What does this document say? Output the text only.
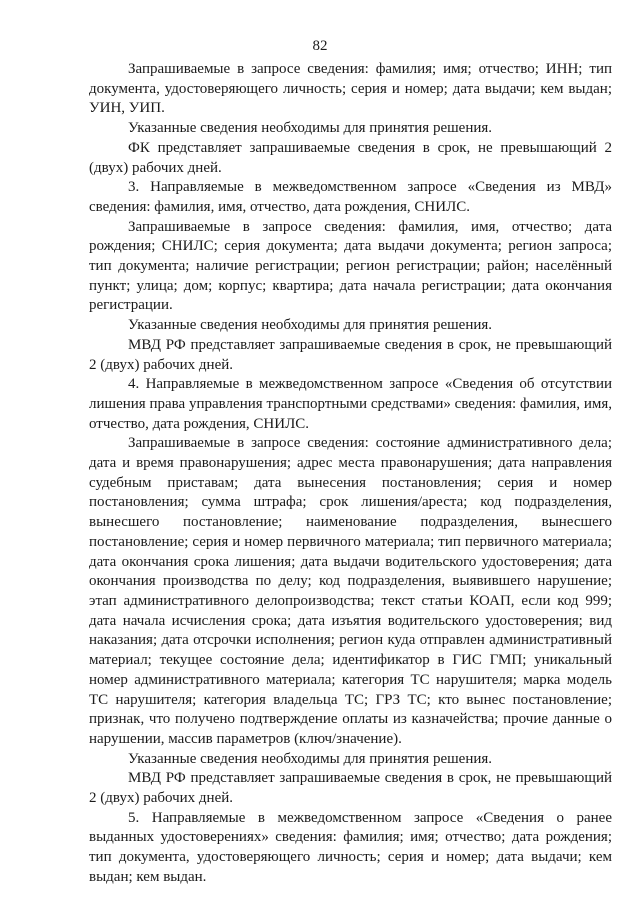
82

Запрашиваемые в запросе сведения: фамилия; имя; отчество; ИНН; тип документа, удостоверяющего личность; серия и номер; дата выдачи; кем выдан; УИН, УИП.

Указанные сведения необходимы для принятия решения.

ФК представляет запрашиваемые сведения в срок, не превышающий 2 (двух) рабочих дней.

3. Направляемые в межведомственном запросе «Сведения из МВД» сведения: фамилия, имя, отчество, дата рождения, СНИЛС.

Запрашиваемые в запросе сведения: фамилия, имя, отчество; дата рождения; СНИЛС; серия документа; дата выдачи документа; регион запроса; тип документа; наличие регистрации; регион регистрации; район; населённый пункт; улица; дом; корпус; квартира; дата начала регистрации; дата окончания регистрации.

Указанные сведения необходимы для принятия решения.

МВД РФ представляет запрашиваемые сведения в срок, не превышающий 2 (двух) рабочих дней.

4. Направляемые в межведомственном запросе «Сведения об отсутствии лишения права управления транспортными средствами» сведения: фамилия, имя, отчество, дата рождения, СНИЛС.

Запрашиваемые в запросе сведения: состояние административного дела; дата и время правонарушения; адрес места правонарушения; дата направления судебным приставам; дата вынесения постановления; серия и номер постановления; сумма штрафа; срок лишения/ареста; код подразделения, вынесшего постановление; наименование подразделения, вынесшего постановление; серия и номер первичного материала; тип первичного материала; дата окончания срока лишения; дата выдачи водительского удостоверения; дата окончания производства по делу; код подразделения, выявившего нарушение; этап административного делопроизводства; текст статьи КОАП, если код 999; дата начала исчисления срока; дата изъятия водительского удостоверения; вид наказания; дата отсрочки исполнения; регион куда отправлен административный материал; текущее состояние дела; идентификатор в ГИС ГМП; уникальный номер административного материала; категория ТС нарушителя; марка модель ТС нарушителя; категория владельца ТС; ГРЗ ТС; кто вынес постановление; признак, что получено подтверждение оплаты из казначейства; прочие данные о нарушении, массив параметров (ключ/значение).

Указанные сведения необходимы для принятия решения.

МВД РФ представляет запрашиваемые сведения в срок, не превышающий 2 (двух) рабочих дней.

5. Направляемые в межведомственном запросе «Сведения о ранее выданных удостоверениях» сведения: фамилия; имя; отчество; дата рождения; тип документа, удостоверяющего личность; серия и номер; дата выдачи; кем выдан; кем выдан.
